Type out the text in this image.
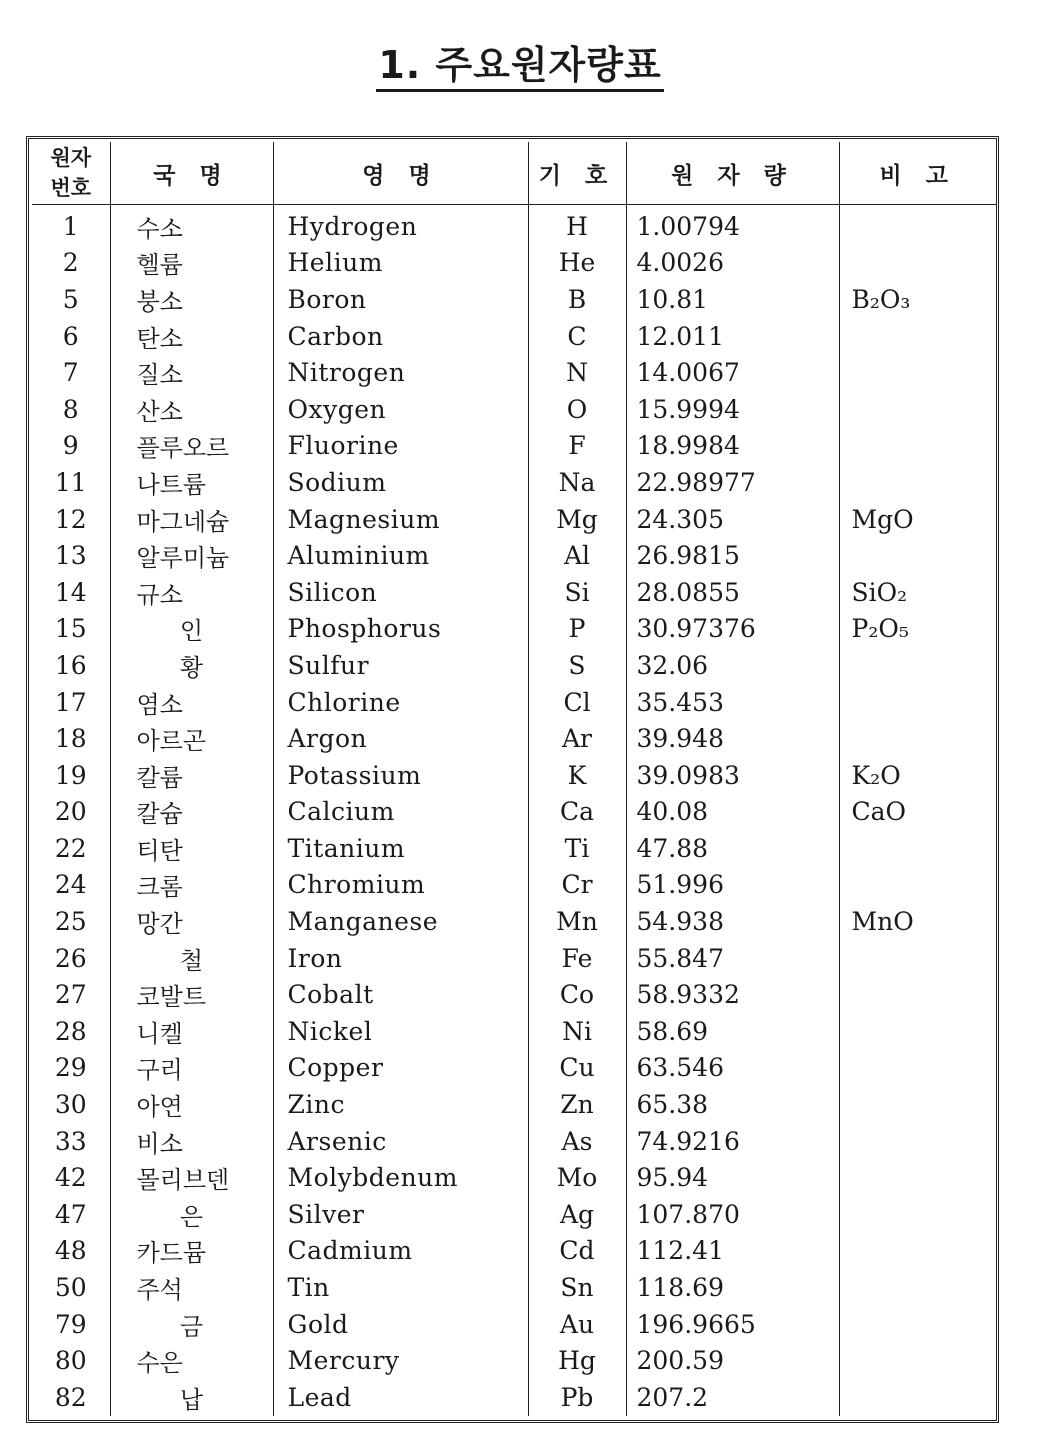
1. 주요원자량표
원자
번호	국 명	영 명	기 호	원 자 량	비 고
1	수소	Hydrogen	H	1.00794	
2	헬륨	Helium	He	4.0026	
5	붕소	Boron	B	10.81	B₂O₃
6	탄소	Carbon	C	12.011	
7	질소	Nitrogen	N	14.0067	
8	산소	Oxygen	O	15.9994	
9	플루오르	Fluorine	F	18.9984	
11	나트륨	Sodium	Na	22.98977	
12	마그네슘	Magnesium	Mg	24.305	MgO
13	알루미늄	Aluminium	Al	26.9815	
14	규소	Silicon	Si	28.0855	SiO₂
15	인	Phosphorus	P	30.97376	P₂O₅
16	황	Sulfur	S	32.06	
17	염소	Chlorine	Cl	35.453	
18	아르곤	Argon	Ar	39.948	
19	칼륨	Potassium	K	39.0983	K₂O
20	칼슘	Calcium	Ca	40.08	CaO
22	티탄	Titanium	Ti	47.88	
24	크롬	Chromium	Cr	51.996	
25	망간	Manganese	Mn	54.938	MnO
26	철	Iron	Fe	55.847	
27	코발트	Cobalt	Co	58.9332	
28	니켈	Nickel	Ni	58.69	
29	구리	Copper	Cu	63.546	
30	아연	Zinc	Zn	65.38	
33	비소	Arsenic	As	74.9216	
42	몰리브덴	Molybdenum	Mo	95.94	
47	은	Silver	Ag	107.870	
48	카드뮴	Cadmium	Cd	112.41	
50	주석	Tin	Sn	118.69	
79	금	Gold	Au	196.9665	
80	수은	Mercury	Hg	200.59	
82	납	Lead	Pb	207.2	
